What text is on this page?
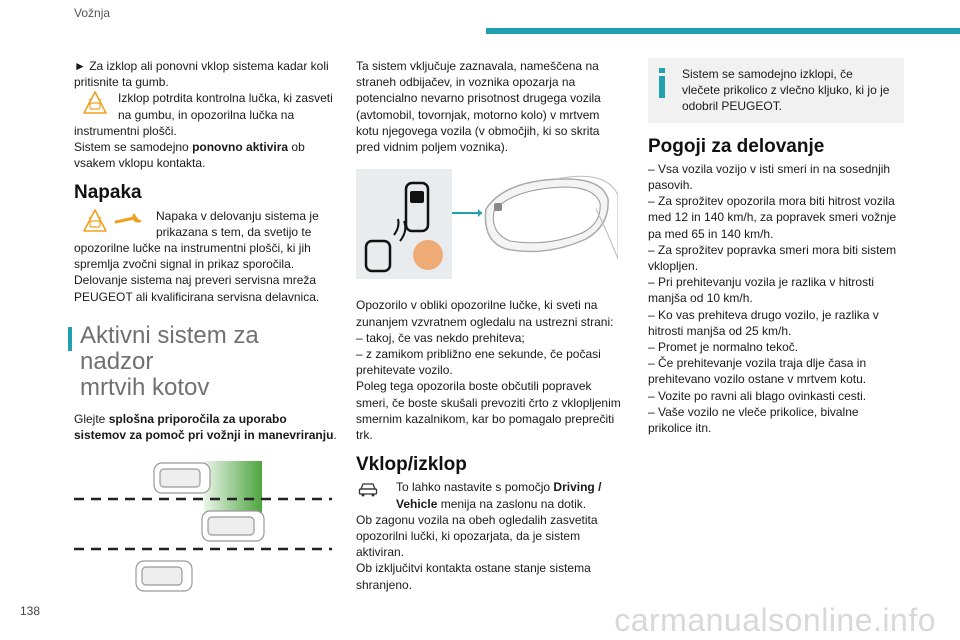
Vožnja

► Za izklop ali ponovni vklop sistema kadar koli pritisnite ta gumb.

Izklop potrdita kontrolna lučka, ki zasveti na gumbu, in opozorilna lučka na instrumentni plošči.

Sistem se samodejno ponovno aktivira ob vsakem vklopu kontakta.

Napaka

Napaka v delovanju sistema je prikazana s tem, da svetijo te opozorilne lučke na instrumentni plošči, ki jih spremlja zvočni signal in prikaz sporočila.

Delovanje sistema naj preveri servisna mreža PEUGEOT ali kvalificirana servisna delavnica.

Aktivni sistem za nadzor
mrtvih kotov

Glejte splošna priporočila za uporabo sistemov za pomoč pri vožnji in manevriranju.

Ta sistem vključuje zaznavala, nameščena na straneh odbijačev, in voznika opozarja na potencialno nevarno prisotnost drugega vozila (avtomobil, tovornjak, motorno kolo) v mrtvem kotu njegovega vozila (v območjih, ki so skrita pred vidnim poljem voznika).

Opozorilo v obliki opozorilne lučke, ki sveti na zunanjem vzvratnem ogledalu na ustrezni strani:

– takoj, če vas nekdo prehiteva;

– z zamikom približno ene sekunde, če počasi prehitevate vozilo.

Poleg tega opozorila boste občutili popravek smeri, če boste skušali prevoziti črto z vklopljenim smernim kazalnikom, kar bo pomagalo preprečiti trk.

Vklop/izklop

To lahko nastavite s pomočjo Driving / Vehicle menija na zaslonu na dotik.

Ob zagonu vozila na obeh ogledalih zasvetita opozorilni lučki, ki opozarjata, da je sistem aktiviran.

Ob izključitvi kontakta ostane stanje sistema shranjeno.

Sistem se samodejno izklopi, če vlečete prikolico z vlečno kljuko, ki jo je odobril PEUGEOT.

Pogoji za delovanje

– Vsa vozila vozijo v isti smeri in na sosednjih pasovih.

– Za sprožitev opozorila mora biti hitrost vozila med 12 in 140 km/h, za popravek smeri vožnje pa med 65 in 140 km/h.

– Za sprožitev popravka smeri mora biti sistem vklopljen.

– Pri prehitevanju vozila je razlika v hitrosti manjša od 10 km/h.

– Ko vas prehiteva drugo vozilo, je razlika v hitrosti manjša od 25 km/h.

– Promet je normalno tekoč.

– Če prehitevanje vozila traja dlje časa in prehitevano vozilo ostane v mrtvem kotu.

– Vozite po ravni ali blago ovinkasti cesti.

– Vaše vozilo ne vleče prikolice, bivalne prikolice itn.

138	carmanualsonline.info
